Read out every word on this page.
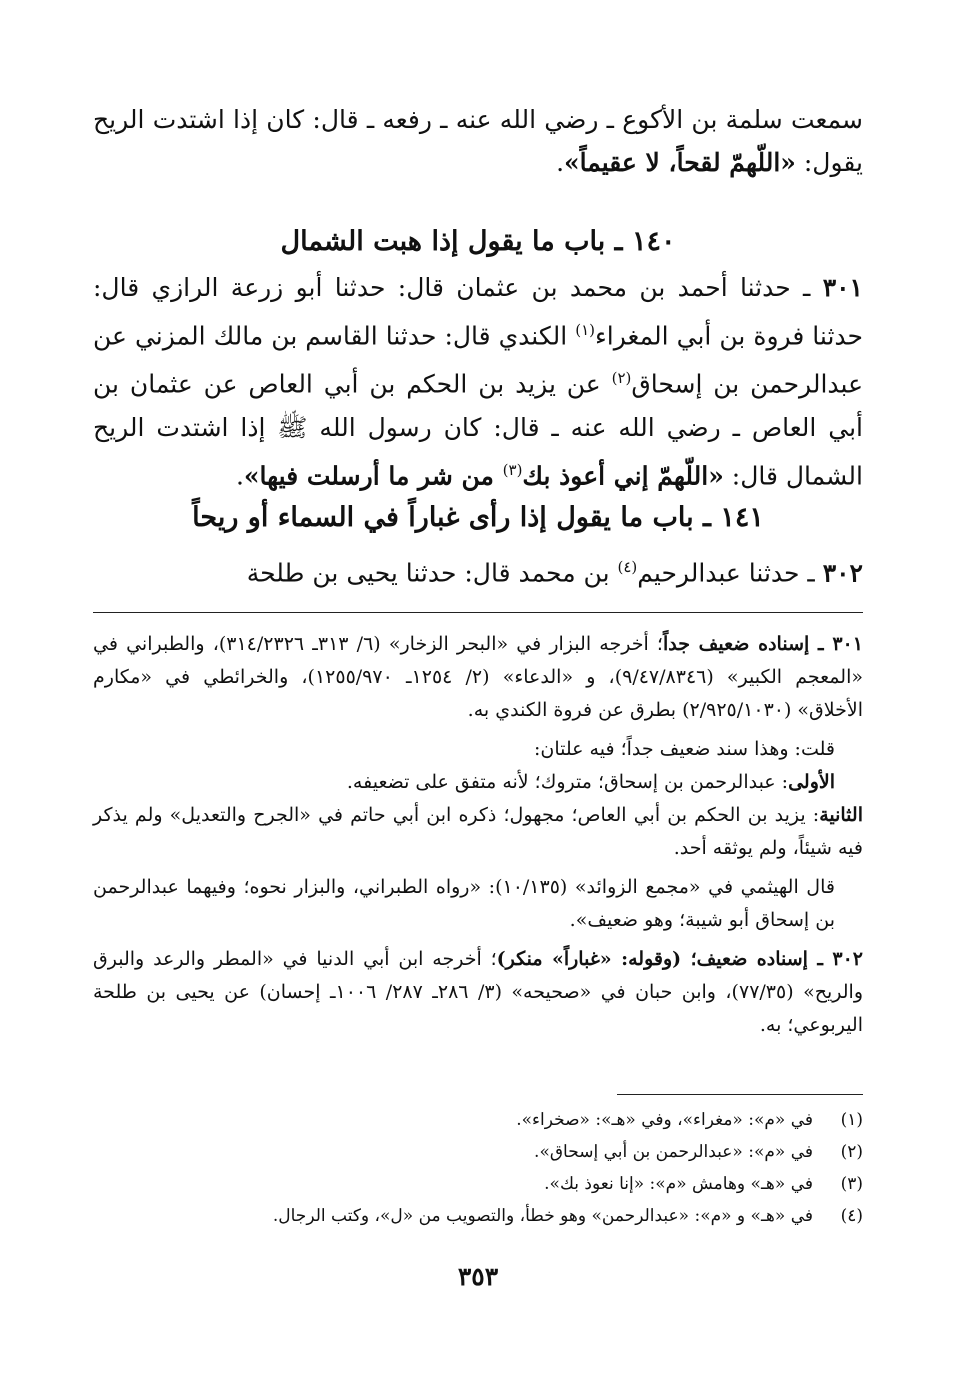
سمعت سلمة بن الأكوع ـ رضي الله عنه ـ رفعه ـ قال: كان إذا اشتدت الريح يقول: «اللّهمّ لقحاً، لا عقيماً».

١٤٠ ـ باب ما يقول إذا هبت الشمال

٣٠١ ـ حدثنا أحمد بن محمد بن عثمان قال: حدثنا أبو زرعة الرازي قال: حدثنا فروة بن أبي المغراء$^{(١)}$ الكندي قال: حدثنا القاسم بن مالك المزني عن عبدالرحمن بن إسحاق$^{(٢)}$ عن يزيد بن الحكم بن أبي العاص عن عثمان بن أبي العاص ـ رضي الله عنه ـ قال: كان رسول الله ﷺ إذا اشتدت الريح الشمال قال: «اللّهمّ إني أعوذ بك$^{(٣)}$ من شر ما أرسلت فيها».

١٤١ ـ باب ما يقول إذا رأى غباراً في السماء أو ريحاً

٣٠٢ ـ حدثنا عبدالرحيم$^{(٤)}$ بن محمد قال: حدثنا يحيى بن طلحة

٣٠١ ـ إسناده ضعيف جداً؛ أخرجه البزار في «البحر الزخار» (٦/ ٣١٣ـ ٣١٤/٢٣٢٦)، والطبراني في «المعجم الكبير» (٩/٤٧/٨٣٤٦)، و «الدعاء» (٢/ ١٢٥٤ـ ١٢٥٥/٩٧٠)، والخرائطي في «مكارم الأخلاق» (٢/٩٢٥/١٠٣٠) بطرق عن فروة الكندي به.

قلت: وهذا سند ضعيف جداً؛ فيه علتان:

الأولى: عبدالرحمن بن إسحاق؛ متروك؛ لأنه متفق على تضعيفه.

الثانية: يزيد بن الحكم بن أبي العاص؛ مجهول؛ ذكره ابن أبي حاتم في «الجرح والتعديل» ولم يذكر فيه شيئاً، ولم يوثقه أحد.

قال الهيثمي في «مجمع الزوائد» (١٠/١٣٥): «رواه الطبراني، والبزار نحوه؛ وفيهما عبدالرحمن بن إسحاق أبو شيبة؛ وهو ضعيف».

٣٠٢ ـ إسناده ضعيف؛ (وقوله: «غباراً» منكر)؛ أخرجه ابن أبي الدنيا في «المطر والرعد والبرق والريح» (٧٧/٣٥)، وابن حبان في «صحيحه» (٣/ ٢٨٦ـ ٢٨٧/ ١٠٠٦ـ إحسان) عن يحيى بن طلحة اليربوعي؛ به.

(١)
في «م»: «مغراء»، وفي «هـ»: «صخراء».
(٢)
في «م»: «عبدالرحمن بن أبي إسحاق».
(٣)
في «هـ» وهامش «م»: «إنا نعوذ بك».
(٤)
في «هـ» و «م»: «عبدالرحمن» وهو خطأ، والتصويب من «ل»، وكتب الرجال.
٣٥٣
